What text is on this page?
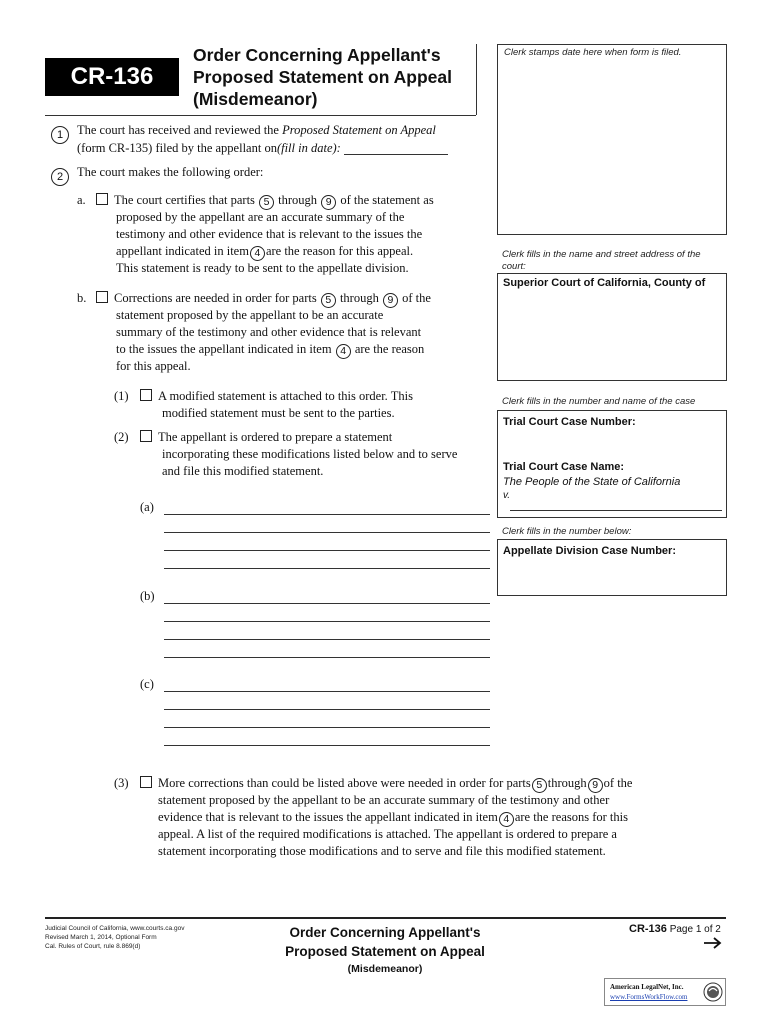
CR-136
Order Concerning Appellant's
Proposed Statement on Appeal
(Misdemeanor)
Clerk stamps date here when form is filed.
Clerk fills in the name and street address of the court:
Superior Court of California, County of
Clerk fills in the number and name of the case
Trial Court Case Number:
Trial Court Case Name:
The People of the State of California
v.
Clerk fills in the number below:
Appellate Division Case Number:
1	The court has received and reviewed the Proposed Statement on Appeal
(form CR-135) filed by the appellant on(fill in date):
2	The court makes the following order:
a.	The court certifies that parts 5 through 9 of the statement as
proposed by the appellant are an accurate summary of the
testimony and other evidence that is relevant to the issues the
appellant indicated in item 4 are the reason for this appeal.
This statement is ready to be sent to the appellate division.
b.	Corrections are needed in order for parts 5 through 9 of the
statement proposed by the appellant to be an accurate
summary of the testimony and other evidence that is relevant
to the issues the appellant indicated in item 4 are the reason
for this appeal.
(1)	A modified statement is attached to this order. This
modified statement must be sent to the parties.
(2)	The appellant is ordered to prepare a statement
incorporating these modifications listed below and to serve
and file this modified statement.
(a)
(b)
(c)
(3)	More corrections than could be listed above were needed in order for parts 5 through 9 of the
statement proposed by the appellant to be an accurate summary of the testimony and other
evidence that is relevant to the issues the appellant indicated in item 4 are the reasons for this
appeal. A list of the required modifications is attached. The appellant is ordered to prepare a
statement incorporating those modifications and to serve and file this modified statement.
Judicial Council of California, www.courts.ca.gov
Revised March 1, 2014, Optional Form
Cal. Rules of Court, rule 8.869(d)
Order Concerning Appellant's
Proposed Statement on Appeal
(Misdemeanor)
CR-136 Page 1 of 2
American LegalNet, Inc.
www.FormsWorkFlow.com
